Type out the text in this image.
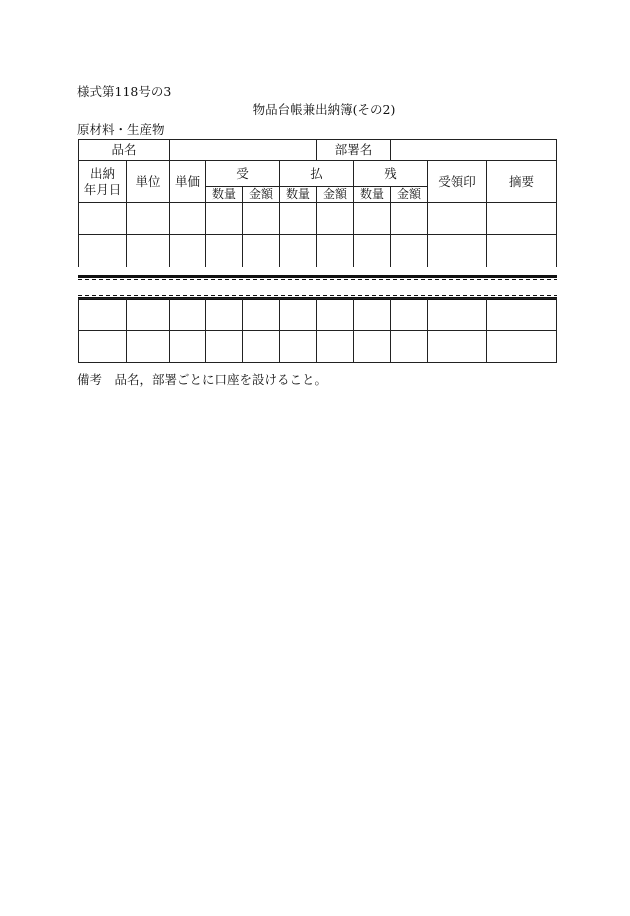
様式第118号の3
物品台帳兼出納簿(その2)
原材料・生産物
品名						部署名				
出納
年月日	単位	単価	受		払		残		受領印	摘要
			数量	金額	数量	金額	数量	金額		

備考　品名，部署ごとに口座を設けること。
